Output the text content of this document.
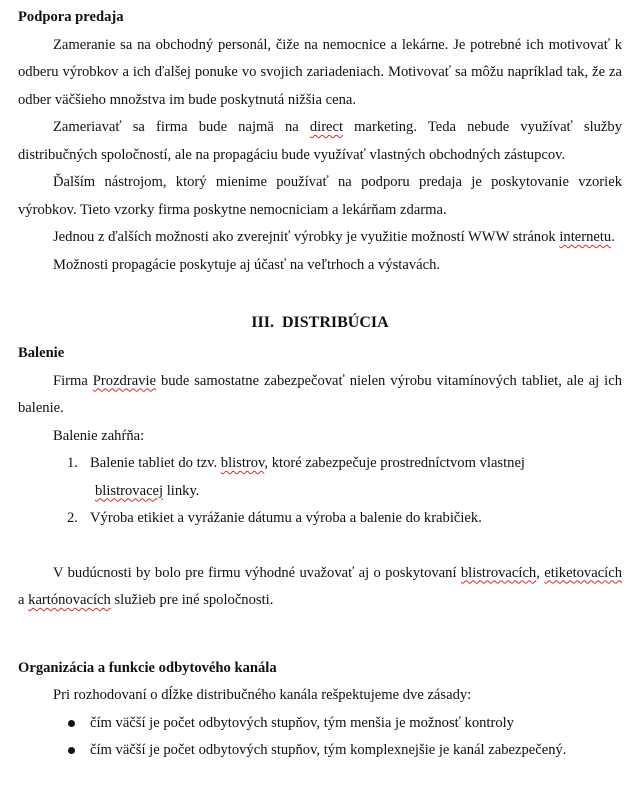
Podpora predaja

Zameranie sa na obchodný personál, čiže na nemocnice a lekárne. Je potrebné ich motivovať k odberu výrobkov a ich ďalšej ponuke vo svojich zariadeniach. Motivovať sa môžu napríklad tak, že za odber väčšieho množstva im bude poskytnutá nižšia cena.

Zameriavať sa firma bude najmä na direct marketing. Teda nebude využívať služby distribučných spoločností, ale na propagáciu bude využívať vlastných obchodných zástupcov.

Ďalším nástrojom, ktorý mienime používať na podporu predaja je poskytovanie vzoriek výrobkov. Tieto vzorky firma poskytne nemocniciam a lekárňam zdarma.

Jednou z ďalších možnosti ako zverejniť výrobky je využitie možností WWW stránok internetu.

Možnosti propagácie poskytuje aj účasť na veľtrhoch a výstavách.

III. DISTRIBÚCIA

Balenie

Firma Prozdravie bude samostatne zabezpečovať nielen výrobu vitamínových tabliet, ale aj ich balenie.

Balenie zahŕňa:

1. Balenie tabliet do tzv. blistrov, ktoré zabezpečuje prostredníctvom vlastnej
blistrovacej linky.
2. Výroba etikiet a vyrážanie dátumu a výroba a balenie do krabičiek.

V budúcnosti by bolo pre firmu výhodné uvažovať aj o poskytovaní blistrovacích, etiketovacích a kartónovacích služieb pre iné spoločnosti.

Organizácia a funkcie odbytového kanála

Pri rozhodovaní o dĺžke distribučného kanála rešpektujeme dve zásady:

čím väčší je počet odbytových stupňov, tým menšia je možnosť kontroly
čím väčší je počet odbytových stupňov, tým komplexnejšie je kanál zabezpečený.
